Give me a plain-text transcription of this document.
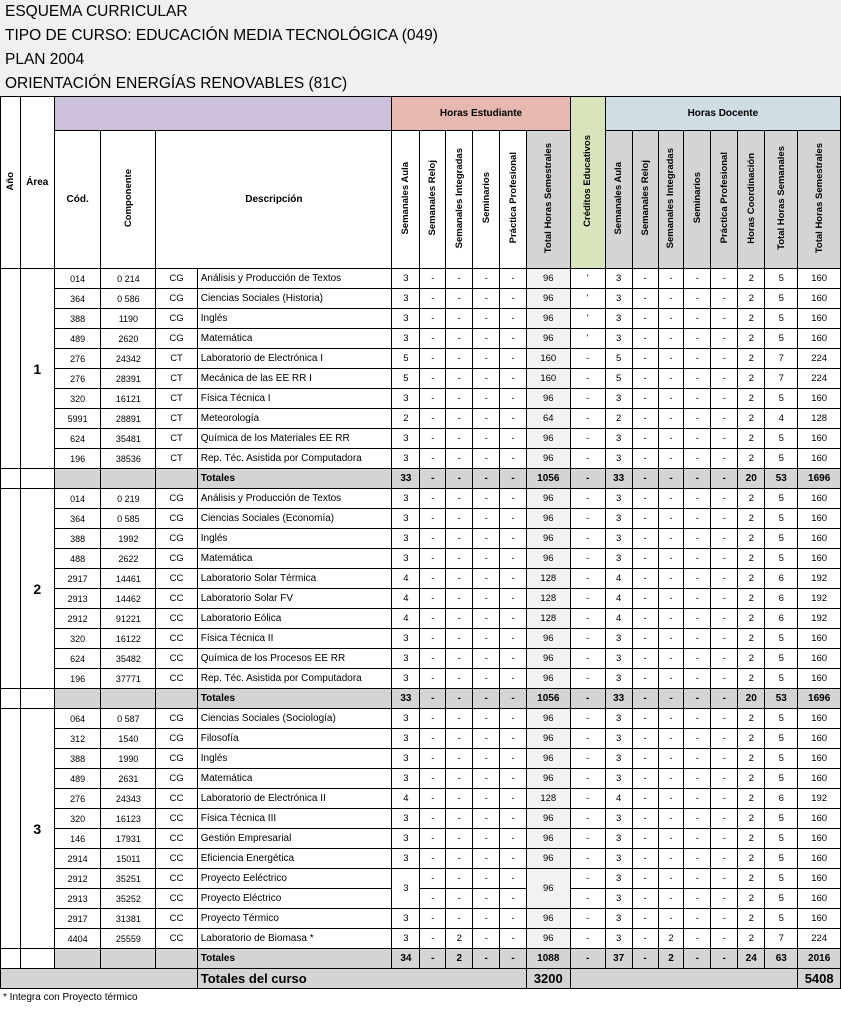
ESQUEMA CURRICULAR
TIPO DE CURSO: EDUCACIÓN MEDIA TECNOLÓGICA (049)
PLAN 2004
ORIENTACIÓN ENERGÍAS RENOVABLES (81C)
Año	Área					Horas Estudiante						Créditos Educativos	Horas Docente							
		Cód.	Componente	Descripción		Semanales Aula	Semanales Reloj	Semanales Integradas	Seminarios	Práctica Profesional	Total Horas Semestrales		Semanales Aula	Semanales Reloj	Semanales Integradas	Seminarios	Práctica Profesional	Horas Coordinación	Total Horas Semanales	Total Horas Semestrales
	1	014	0 214	CG	Análisis y Producción de Textos	3	-	-	-	-	96	'	3	-	-	-	-	2	5	160
		364	0 586	CG	Ciencias Sociales (Historia)	3	-	-	-	-	96	'	3	-	-	-	-	2	5	160
		388	1190	CG	Inglés	3	-	-	-	-	96	'	3	-	-	-	-	2	5	160
		489	2620	CG	Matemática	3	-	-	-	-	96	'	3	-	-	-	-	2	5	160
		276	24342	CT	Laboratorio de Electrónica I	5	-	-	-	-	160	-	5	-	-	-	-	2	7	224
		276	28391	CT	Mecánica de las EE RR I	5	-	-	-	-	160	-	5	-	-	-	-	2	7	224
		320	16121	CT	Física Técnica I	3	-	-	-	-	96	-	3	-	-	-	-	2	5	160
		5991	28891	CT	Meteorología	2	-	-	-	-	64	-	2	-	-	-	-	2	4	128
		624	35481	CT	Química de los Materiales EE RR	3	-	-	-	-	96	-	3	-	-	-	-	2	5	160
		196	38536	CT	Rep. Téc. Asistida por Computadora	3	-	-	-	-	96	-	3	-	-	-	-	2	5	160
					Totales	33	-	-	-	-	1056	-	33	-	-	-	-	20	53	1696
	2	014	0 219	CG	Análisis y Producción de Textos	3	-	-	-	-	96	-	3	-	-	-	-	2	5	160
		364	0 585	CG	Ciencias Sociales (Economía)	3	-	-	-	-	96	-	3	-	-	-	-	2	5	160
		388	1992	CG	Inglés	3	-	-	-	-	96	-	3	-	-	-	-	2	5	160
		488	2622	CG	Matemática	3	-	-	-	-	96	-	3	-	-	-	-	2	5	160
		2917	14461	CC	Laboratorio Solar Térmica	4	-	-	-	-	128	-	4	-	-	-	-	2	6	192
		2913	14462	CC	Laboratorio Solar FV	4	-	-	-	-	128	-	4	-	-	-	-	2	6	192
		2912	91221	CC	Laboratorio Eólica	4	-	-	-	-	128	-	4	-	-	-	-	2	6	192
		320	16122	CC	Física Técnica II	3	-	-	-	-	96	-	3	-	-	-	-	2	5	160
		624	35482	CC	Química de los Procesos EE RR	3	-	-	-	-	96	-	3	-	-	-	-	2	5	160
		196	37771	CC	Rep. Téc. Asistida por Computadora	3	-	-	-	-	96	-	3	-	-	-	-	2	5	160
					Totales	33	-	-	-	-	1056	-	33	-	-	-	-	20	53	1696
	3	064	0 587	CG	Ciencias Sociales (Sociología)	3	-	-	-	-	96	-	3	-	-	-	-	2	5	160
		312	1540	CG	Filosofía	3	-	-	-	-	96	-	3	-	-	-	-	2	5	160
		388	1990	CG	Inglés	3	-	-	-	-	96	-	3	-	-	-	-	2	5	160
		489	2631	CG	Matemática	3	-	-	-	-	96	-	3	-	-	-	-	2	5	160
		276	24343	CC	Laboratorio de Electrónica II	4	-	-	-	-	128	-	4	-	-	-	-	2	6	192
		320	16123	CC	Física Técnica III	3	-	-	-	-	96	-	3	-	-	-	-	2	5	160
		146	17931	CC	Gestión Empresarial	3	-	-	-	-	96	-	3	-	-	-	-	2	5	160
		2914	15011	CC	Eficiencia Energética	3	-	-	-	-	96	-	3	-	-	-	-	2	5	160
		2912	35251	CC	Proyecto Eeléctrico	3	-	-	-	-	96	-	3	-	-	-	-	2	5	160
		2913	35252	CC	Proyecto Eléctrico		-	-	-	-		-	3	-	-	-	-	2	5	160
		2917	31381	CC	Proyecto Térmico	3	-	-	-	-	96	-	3	-	-	-	-	2	5	160
		4404	25559	CC	Laboratorio de Biomasa *	3	-	2	-	-	96	-	3	-	2	-	-	2	7	224
					Totales	34	-	2	-	-	1088	-	37	-	2	-	-	24	63	2016
					Totales del curso						3200									5408
* Integra con Proyecto térmico
